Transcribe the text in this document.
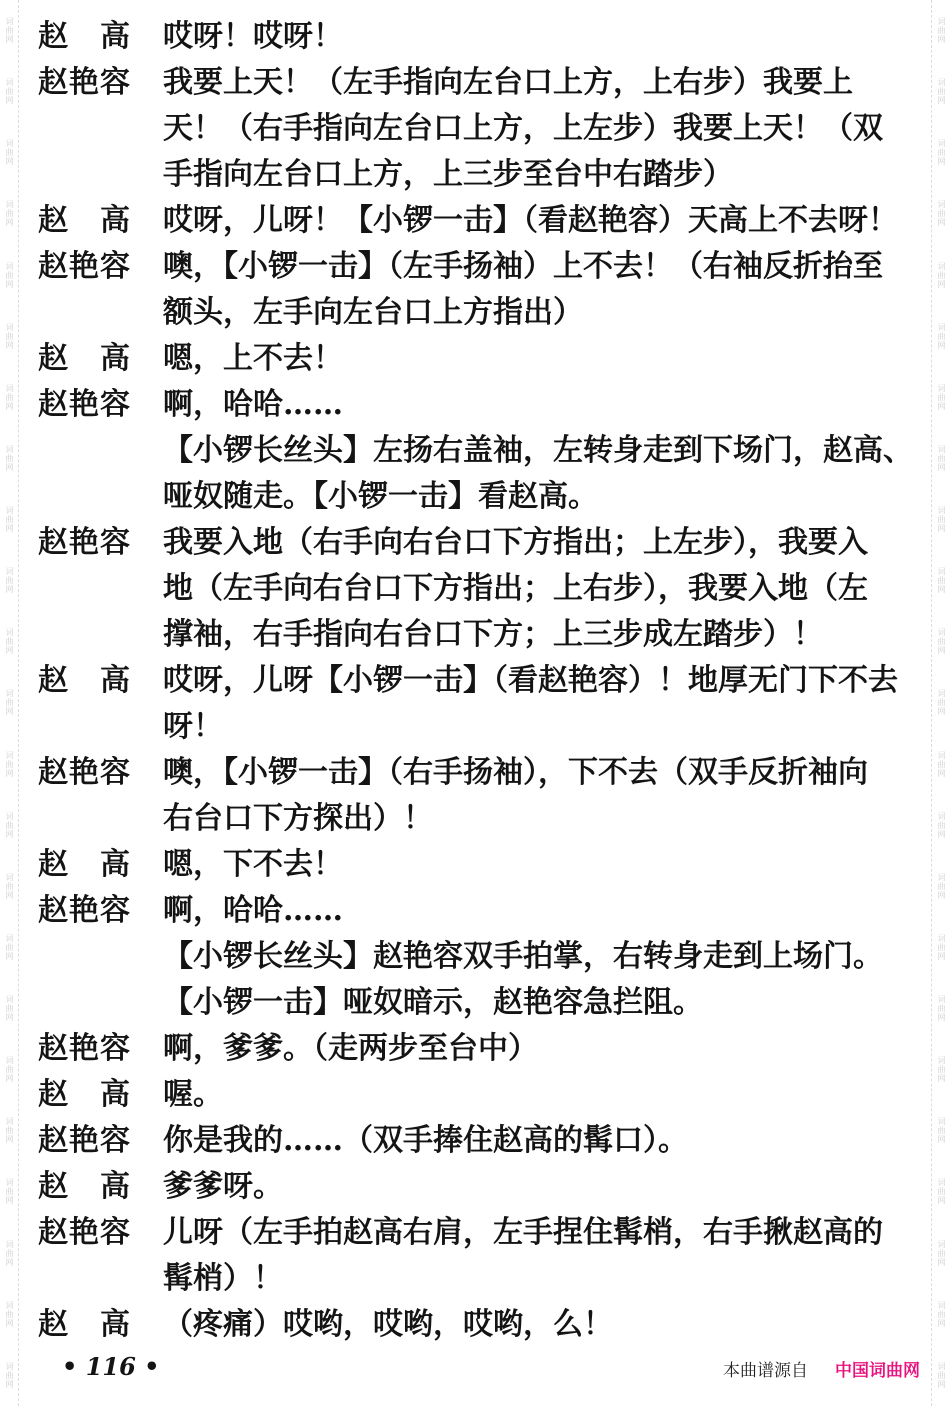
词曲网
词曲网
词曲网
词曲网
词曲网
词曲网
词曲网
词曲网
词曲网
词曲网
词曲网
词曲网
词曲网
词曲网
词曲网
词曲网
词曲网
词曲网
词曲网
词曲网
词曲网
词曲网
词曲网
词曲网
词曲网
词曲网
词曲网
词曲网
词曲网
词曲网
词曲网
词曲网
词曲网
词曲网
词曲网
词曲网
词曲网
词曲网
词曲网
词曲网
词曲网
词曲网
词曲网
词曲网
词曲网
词曲网
赵　高	哎呀！哎呀！
赵艳容	我要上天！（左手指向左台口上方，上右步）我要上
天！（右手指向左台口上方，上左步）我要上天！（双
手指向左台口上方，上三步至台中右踏步）
赵　高	哎呀，儿呀！【小锣一击】（看赵艳容）天高上不去呀！
赵艳容	噢，【小锣一击】（左手扬袖）上不去！（右袖反折抬至
额头，左手向左台口上方指出）
赵　高	嗯，上不去！
赵艳容	啊，哈哈……
【小锣长丝头】左扬右盖袖，左转身走到下场门，赵高、
哑奴随走。【小锣一击】看赵高。
赵艳容	我要入地（右手向右台口下方指出；上左步），我要入
地（左手向右台口下方指出；上右步），我要入地（左
撑袖，右手指向右台口下方；上三步成左踏步）！
赵　高	哎呀，儿呀【小锣一击】（看赵艳容）！地厚无门下不去呀！
赵艳容	噢，【小锣一击】（右手扬袖），下不去（双手反折袖向
右台口下方探出）！
赵　高	嗯，下不去！
赵艳容	啊，哈哈……
【小锣长丝头】赵艳容双手拍掌，右转身走到上场门。
【小锣一击】哑奴暗示，赵艳容急拦阻。
赵艳容	啊，爹爹。（走两步至台中）
赵　高	喔。
赵艳容	你是我的……（双手捧住赵高的髯口）。
赵　高	爹爹呀。
赵艳容	儿呀（左手拍赵高右肩，左手捏住髯梢，右手揪赵高的
髯梢）！
赵　高	（疼痛）哎哟，哎哟，哎哟，么！
• 116 •	本曲谱源自 中国词曲网
